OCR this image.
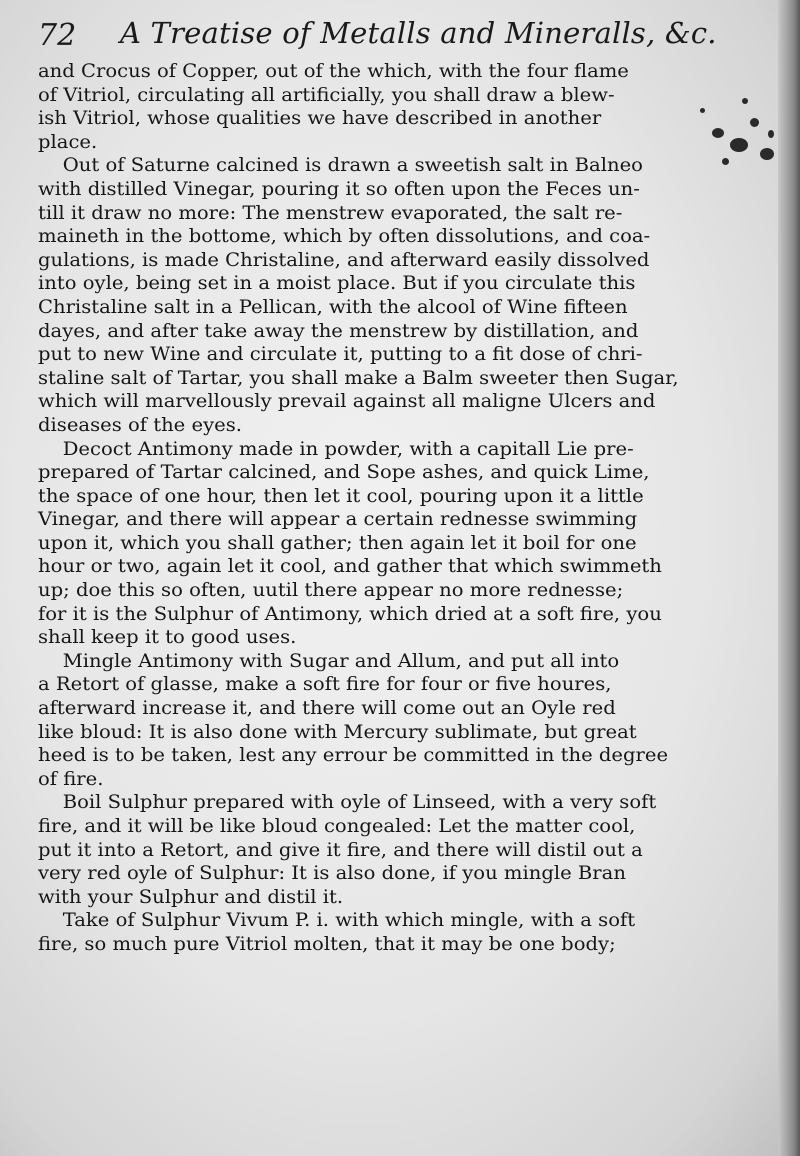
72 A Treatise of Metalls and Mineralls, &c.
and Crocus of Copper, out of the which, with the four flame
of Vitriol, circulating all artificially, you shall draw a blew-
ish Vitriol, whose qualities we have described in another
place.
Out of Saturne calcined is drawn a sweetish salt in Balneo
with distilled Vinegar, pouring it so often upon the Feces un-
till it draw no more: The menstrew evaporated, the salt re-
maineth in the bottome, which by often dissolutions, and coa-
gulations, is made Christaline, and afterward easily dissolved
into oyle, being set in a moist place. But if you circulate this
Christaline salt in a Pellican, with the alcool of Wine fifteen
dayes, and after take away the menstrew by distillation, and
put to new Wine and circulate it, putting to a fit dose of chri-
staline salt of Tartar, you shall make a Balm sweeter then Sugar,
which will marvellously prevail against all maligne Ulcers and
diseases of the eyes.
Decoct Antimony made in powder, with a capitall Lie pre-
prepared of Tartar calcined, and Sope ashes, and quick Lime,
the space of one hour, then let it cool, pouring upon it a little
Vinegar, and there will appear a certain rednesse swimming
upon it, which you shall gather; then again let it boil for one
hour or two, again let it cool, and gather that which swimmeth
up; doe this so often, uutil there appear no more rednesse;
for it is the Sulphur of Antimony, which dried at a soft fire, you
shall keep it to good uses.
Mingle Antimony with Sugar and Allum, and put all into
a Retort of glasse, make a soft fire for four or five houres,
afterward increase it, and there will come out an Oyle red
like bloud: It is also done with Mercury sublimate, but great
heed is to be taken, lest any errour be committed in the degree
of fire.
Boil Sulphur prepared with oyle of Linseed, with a very soft
fire, and it will be like bloud congealed: Let the matter cool,
put it into a Retort, and give it fire, and there will distil out a
very red oyle of Sulphur: It is also done, if you mingle Bran
with your Sulphur and distil it.
Take of Sulphur Vivum P. i. with which mingle, with a soft
fire, so much pure Vitriol molten, that it may be one body;
